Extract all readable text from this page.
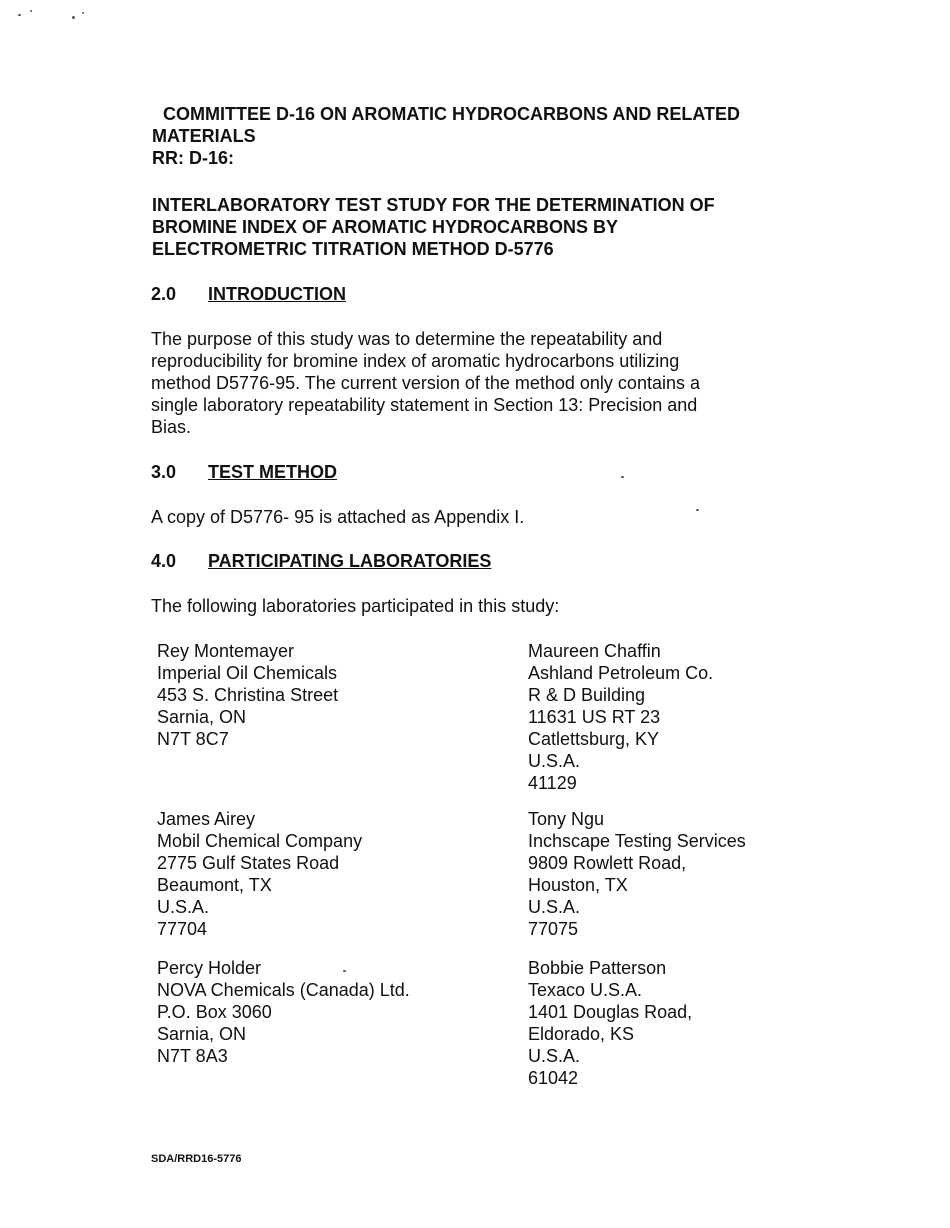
COMMITTEE D-16 ON AROMATIC HYDROCARBONS AND RELATED
MATERIALS
RR: D-16:
INTERLABORATORY TEST STUDY FOR THE DETERMINATION OF
BROMINE INDEX OF AROMATIC HYDROCARBONS BY
ELECTROMETRIC TITRATION METHOD D-5776
2.0 INTRODUCTION
The purpose of this study was to determine the repeatability and
reproducibility for bromine index of aromatic hydrocarbons utilizing
method D5776-95. The current version of the method only contains a
single laboratory repeatability statement in Section 13: Precision and
Bias.
3.0 TEST METHOD
A copy of D5776- 95 is attached as Appendix I.
4.0 PARTICIPATING LABORATORIES
The following laboratories participated in this study:
Rey Montemayer
Imperial Oil Chemicals
453 S. Christina Street
Sarnia, ON
N7T 8C7
Maureen Chaffin
Ashland Petroleum Co.
R & D Building
11631 US RT 23
Catlettsburg, KY
U.S.A.
41129
James Airey
Mobil Chemical Company
2775 Gulf States Road
Beaumont, TX
U.S.A.
77704
Tony Ngu
Inchscape Testing Services
9809 Rowlett Road,
Houston, TX
U.S.A.
77075
Percy Holder
NOVA Chemicals (Canada) Ltd.
P.O. Box 3060
Sarnia, ON
N7T 8A3
Bobbie Patterson
Texaco U.S.A.
1401 Douglas Road,
Eldorado, KS
U.S.A.
61042
SDA/RRD16-5776
